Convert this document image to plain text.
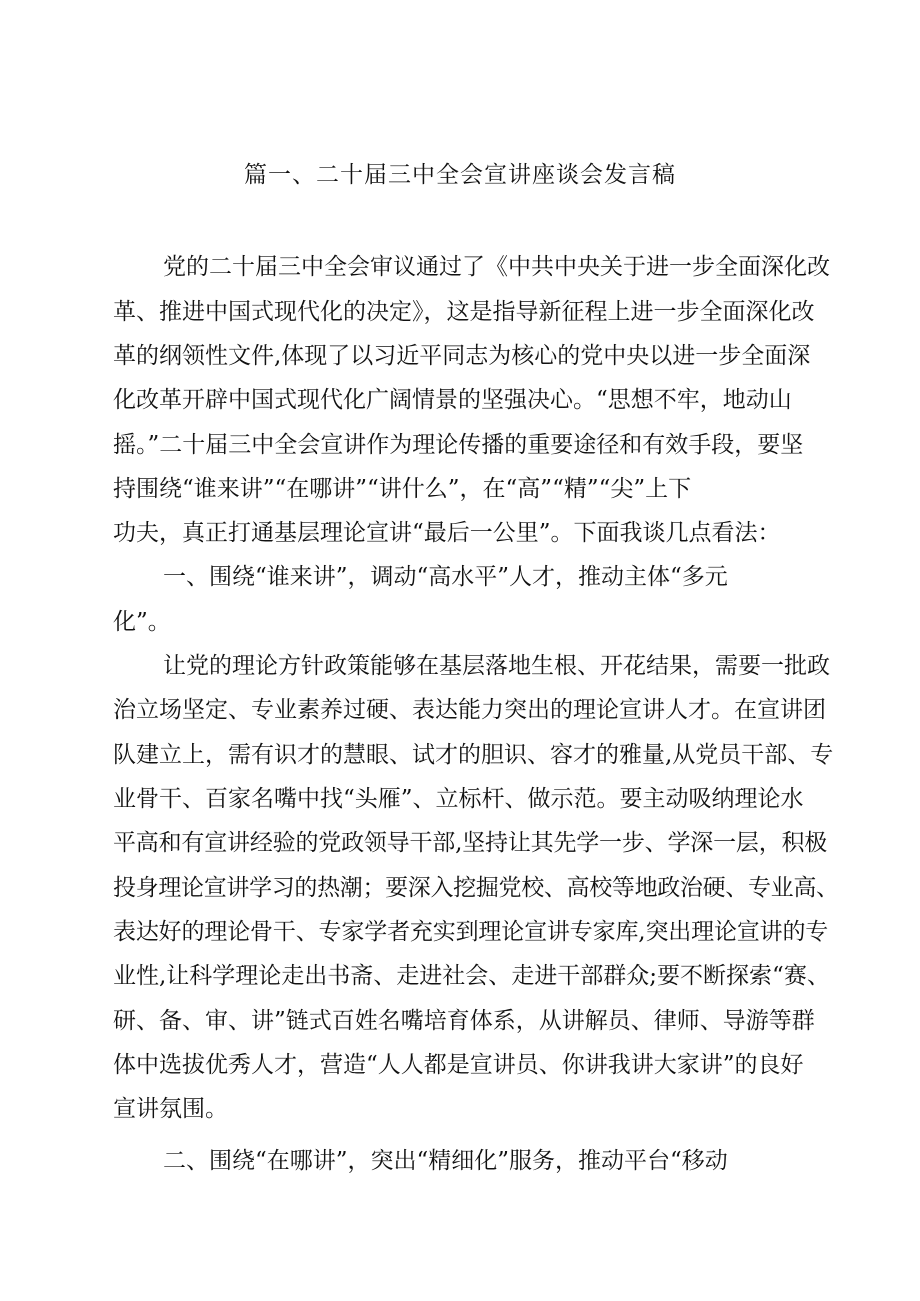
篇一、二十届三中全会宣讲座谈会发言稿
党的二十届三中全会审议通过了《中共中央关于进一步全面深化改
革、推进中国式现代化的决定》，这是指导新征程上进一步全面深化改
革的纲领性文件,体现了以习近平同志为核心的党中央以进一步全面深
化改革开辟中国式现代化广阔情景的坚强决心。“思想不牢，地动山
摇。”二十届三中全会宣讲作为理论传播的重要途径和有效手段，要坚
持围绕“谁来讲”“在哪讲”“讲什么”，在“高”“精”“尖”上下
功夫，真正打通基层理论宣讲“最后一公里”。下面我谈几点看法：
一、围绕“谁来讲”，调动“高水平”人才，推动主体“多元
化”。
让党的理论方针政策能够在基层落地生根、开花结果，需要一批政
治立场坚定、专业素养过硬、表达能力突出的理论宣讲人才。在宣讲团
队建立上，需有识才的慧眼、试才的胆识、容才的雅量,从党员干部、专
业骨干、百家名嘴中找“头雁”、立标杆、做示范。要主动吸纳理论水
平高和有宣讲经验的党政领导干部,坚持让其先学一步、学深一层，积极
投身理论宣讲学习的热潮；要深入挖掘党校、高校等地政治硬、专业高、
表达好的理论骨干、专家学者充实到理论宣讲专家库,突出理论宣讲的专
业性,让科学理论走出书斋、走进社会、走进干部群众;要不断探索“赛、
研、备、审、讲”链式百姓名嘴培育体系，从讲解员、律师、导游等群
体中选拔优秀人才，营造“人人都是宣讲员、你讲我讲大家讲”的良好
宣讲氛围。
二、围绕“在哪讲”，突出“精细化”服务，推动平台“移动
